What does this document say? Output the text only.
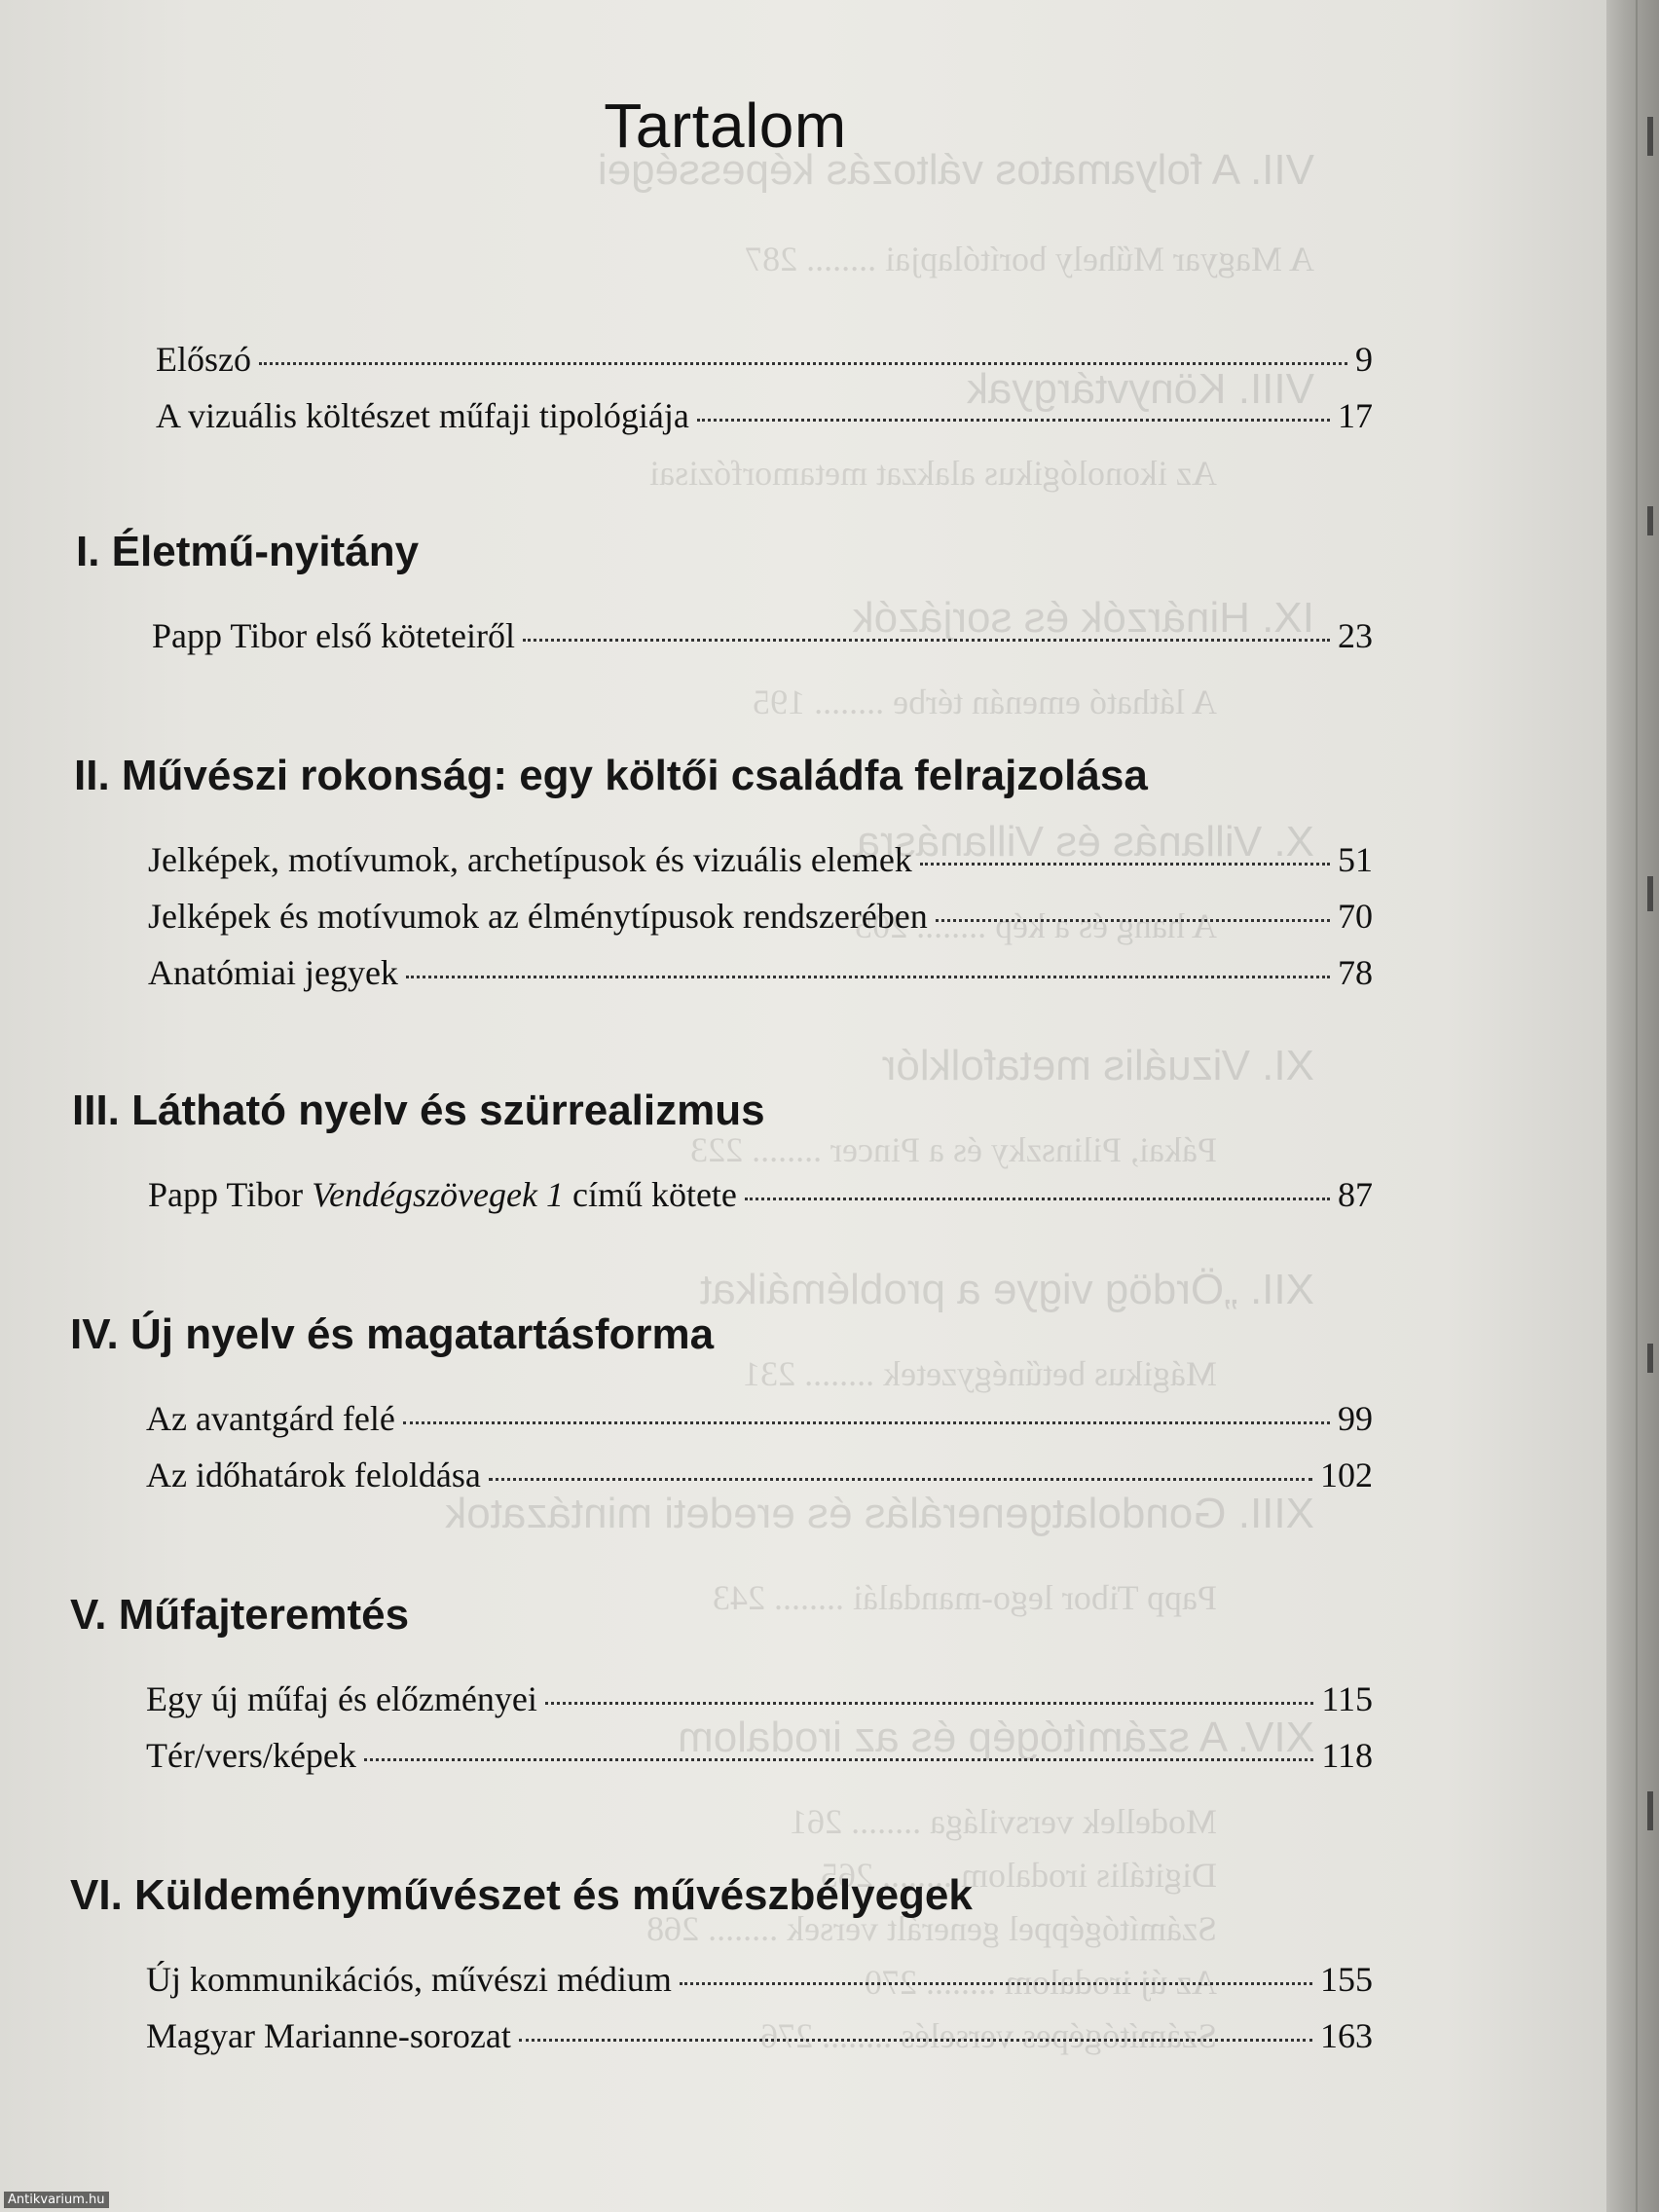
VII. A folyamatos változás képességei
A Magyar Műhely borítólapjai ........ 287
VIII. Könyvtárgyak
Az ikonológikus alakzat metamorfózisai
IX. Hinárzók és sorjázók
A látható emenán térbe ........ 195
X. Villanás és Villanásra
A hang és a kép ........ 205
XI. Vizuális metafolklór
Pákai, Pilinszky és a Pincer ........ 223
XII. „Ördög vigye a problémáikat
Mágikus betűnégyzetek ........ 231
XIII. Gondolatgenerálás és eredeti mintázatok
Papp Tibor lego-mandalái ........ 243
XIV. A számítógép és az irodalom
Modellek versvilága ........ 261
Digitális irodalom ........ 265
Számítógéppel generált versek ........ 268
Az új irodalom ........ 270
Számítógépes verselés ........ 276
Tartalom
Előszó	9
A vizuális költészet műfaji tipológiája	17
I. Életmű-nyitány
Papp Tibor első köteteiről	23
II. Művészi rokonság: egy költői családfa felrajzolása
Jelképek, motívumok, archetípusok és vizuális elemek	51
Jelképek és motívumok az élménytípusok rendszerében	70
Anatómiai jegyek	78
III. Látható nyelv és szürrealizmus
Papp Tibor Vendégszövegek 1 című kötete	87
IV. Új nyelv és magatartásforma
Az avantgárd felé	99
Az időhatárok feloldása	102
V. Műfajteremtés
Egy új műfaj és előzményei	115
Tér/vers/képek	118
VI. Küldeményművészet és művészbélyegek
Új kommunikációs, művészi médium	155
Magyar Marianne-sorozat	163
Antikvarium.hu
